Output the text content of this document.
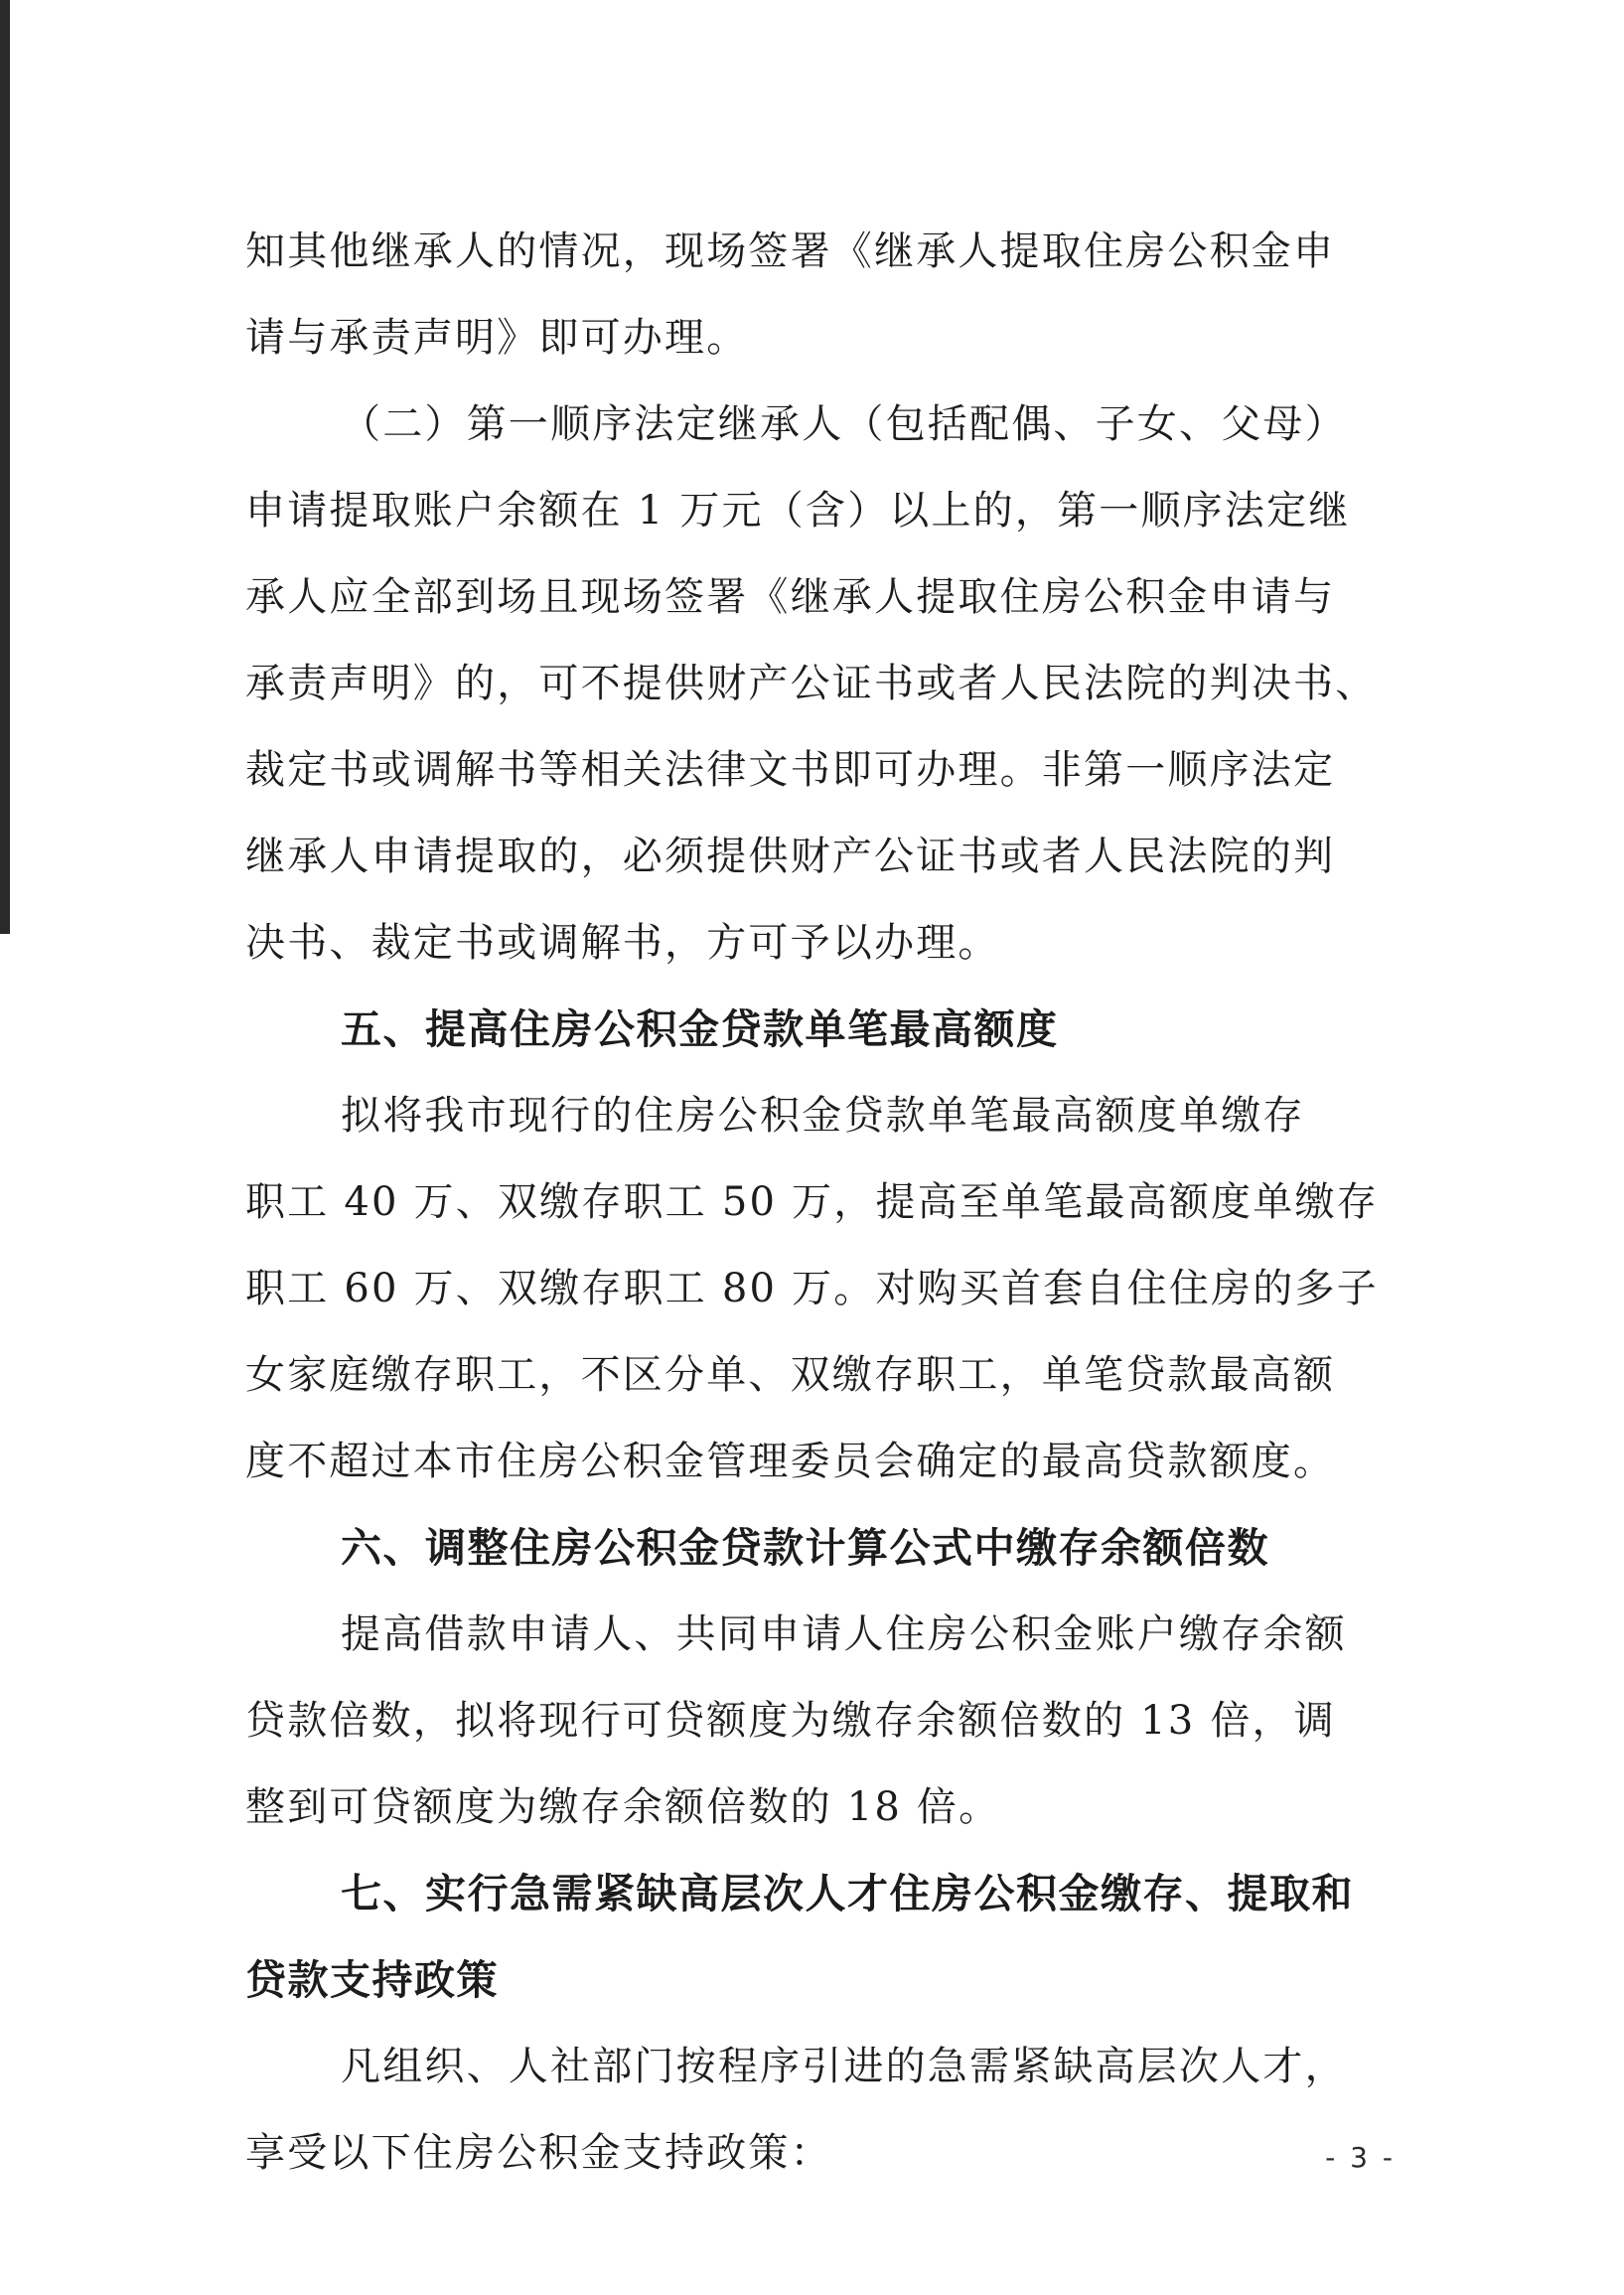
知其他继承人的情况，现场签署《继承人提取住房公积金申
请与承责声明》即可办理。
（二）第一顺序法定继承人（包括配偶、子女、父母）
申请提取账户余额在 1 万元（含）以上的，第一顺序法定继
承人应全部到场且现场签署《继承人提取住房公积金申请与
承责声明》的，可不提供财产公证书或者人民法院的判决书、
裁定书或调解书等相关法律文书即可办理。非第一顺序法定
继承人申请提取的，必须提供财产公证书或者人民法院的判
决书、裁定书或调解书，方可予以办理。
五、提高住房公积金贷款单笔最高额度
拟将我市现行的住房公积金贷款单笔最高额度单缴存
职工 40 万、双缴存职工 50 万，提高至单笔最高额度单缴存
职工 60 万、双缴存职工 80 万。对购买首套自住住房的多子
女家庭缴存职工，不区分单、双缴存职工，单笔贷款最高额
度不超过本市住房公积金管理委员会确定的最高贷款额度。
六、调整住房公积金贷款计算公式中缴存余额倍数
提高借款申请人、共同申请人住房公积金账户缴存余额
贷款倍数，拟将现行可贷额度为缴存余额倍数的 13 倍，调
整到可贷额度为缴存余额倍数的 18 倍。
七、实行急需紧缺高层次人才住房公积金缴存、提取和
贷款支持政策
凡组织、人社部门按程序引进的急需紧缺高层次人才，
享受以下住房公积金支持政策：	- 3 -
